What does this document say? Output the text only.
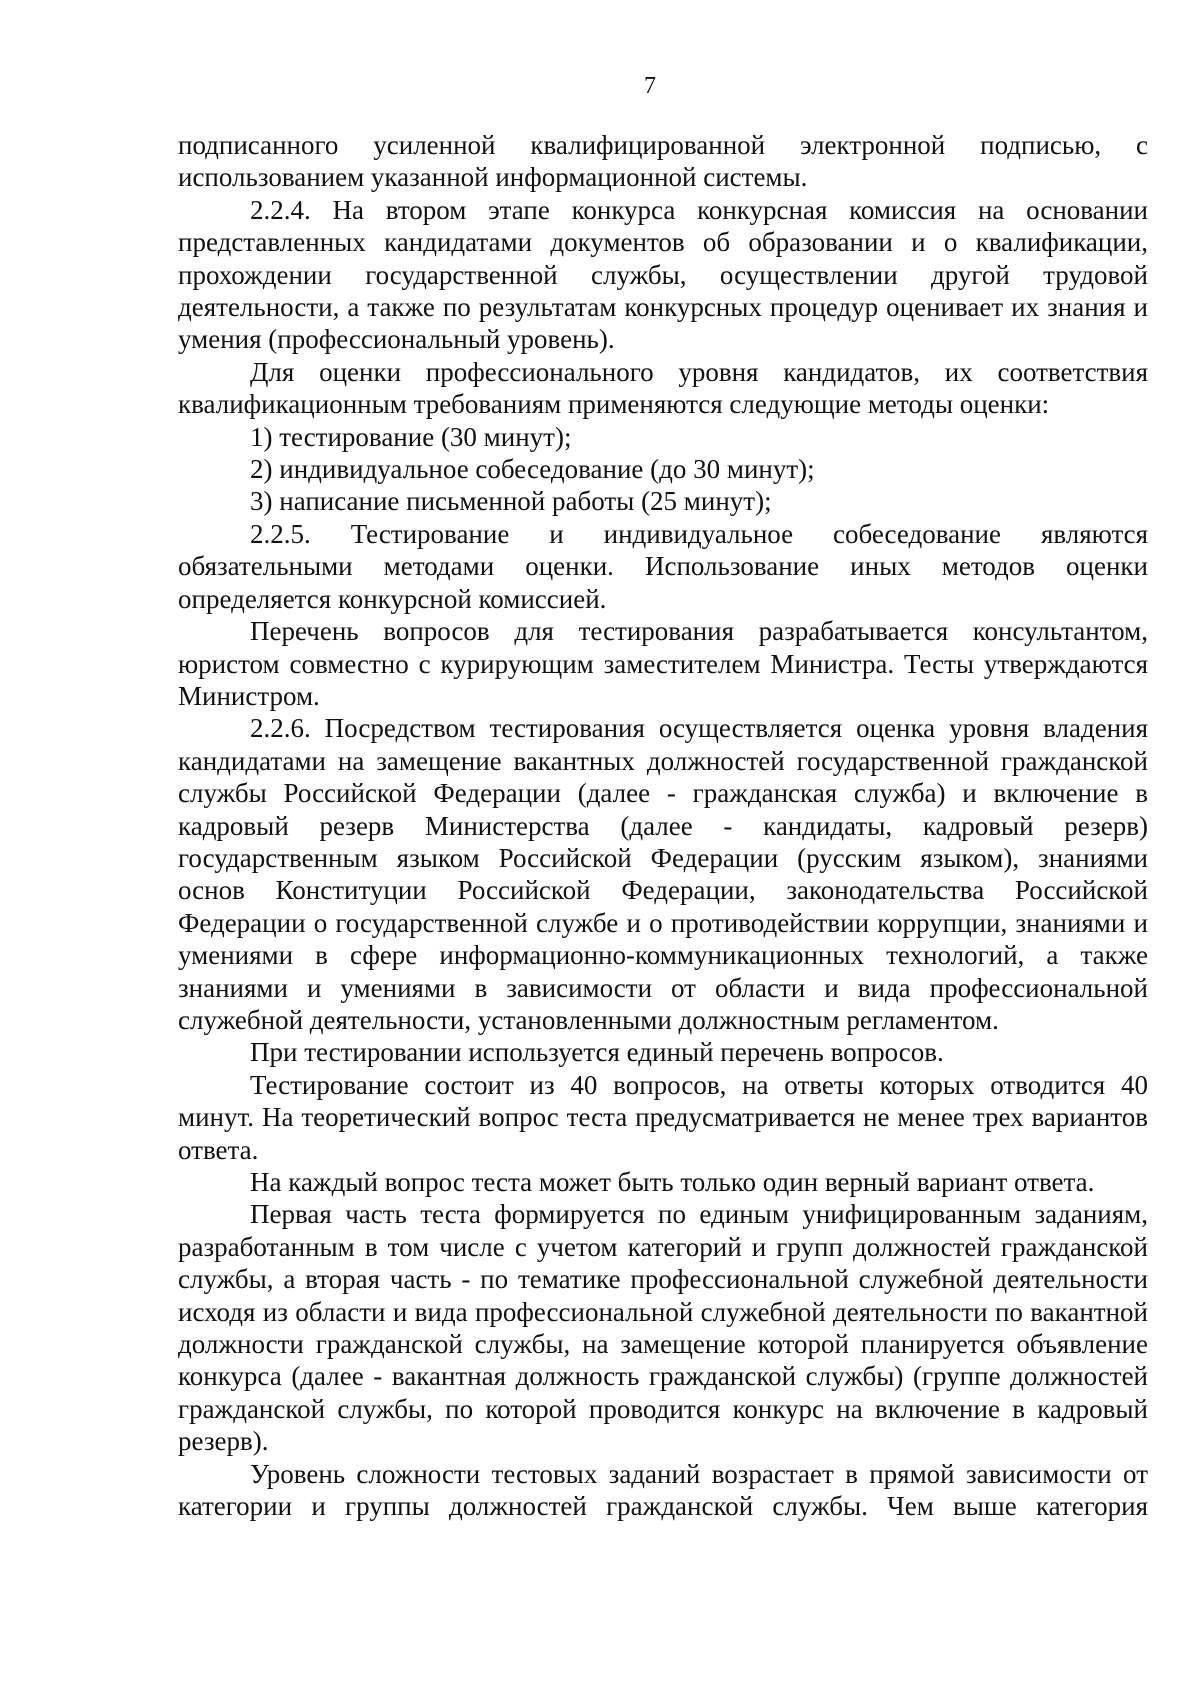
7

подписанного усиленной квалифицированной электронной подписью, с использованием указанной информационной системы.

2.2.4. На втором этапе конкурса конкурсная комиссия на основании представленных кандидатами документов об образовании и о квалификации, прохождении государственной службы, осуществлении другой трудовой деятельности, а также по результатам конкурсных процедур оценивает их знания и умения (профессиональный уровень).

Для оценки профессионального уровня кандидатов, их соответствия квалификационным требованиям применяются следующие методы оценки:

1) тестирование (30 минут);

2) индивидуальное собеседование (до 30 минут);

3) написание письменной работы (25 минут);

2.2.5. Тестирование и индивидуальное собеседование являются обязательными методами оценки. Использование иных методов оценки определяется конкурсной комиссией.

Перечень вопросов для тестирования разрабатывается консультантом, юристом совместно с курирующим заместителем Министра. Тесты утверждаются Министром.

2.2.6. Посредством тестирования осуществляется оценка уровня владения кандидатами на замещение вакантных должностей государственной гражданской службы Российской Федерации (далее - гражданская служба) и включение в кадровый резерв Министерства (далее - кандидаты, кадровый резерв) государственным языком Российской Федерации (русским языком), знаниями основ Конституции Российской Федерации, законодательства Российской Федерации о государственной службе и о противодействии коррупции, знаниями и умениями в сфере информационно-коммуникационных технологий, а также знаниями и умениями в зависимости от области и вида профессиональной служебной деятельности, установленными должностным регламентом.

При тестировании используется единый перечень вопросов.

Тестирование состоит из 40 вопросов, на ответы которых отводится 40 минут. На теоретический вопрос теста предусматривается не менее трех вариантов ответа.

На каждый вопрос теста может быть только один верный вариант ответа.

Первая часть теста формируется по единым унифицированным заданиям, разработанным в том числе с учетом категорий и групп должностей гражданской службы, а вторая часть - по тематике профессиональной служебной деятельности исходя из области и вида профессиональной служебной деятельности по вакантной должности гражданской службы, на замещение которой планируется объявление конкурса (далее - вакантная должность гражданской службы) (группе должностей гражданской службы, по которой проводится конкурс на включение в кадровый резерв).

Уровень сложности тестовых заданий возрастает в прямой зависимости от категории и группы должностей гражданской службы. Чем выше категория
